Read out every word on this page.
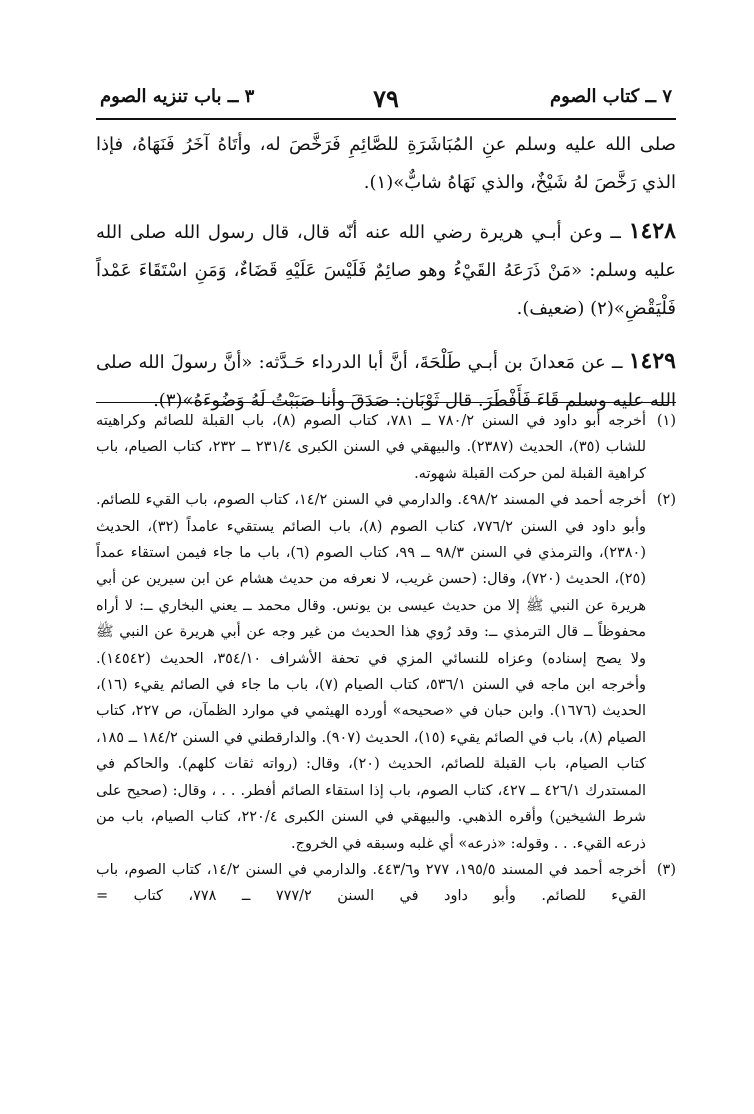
٣ ــ باب تنزيه الصوم	٧٩	٧ ــ كتاب الصوم

صلى الله عليه وسلم عنِ المُبَاشَرَةِ للصَّائِمِ فَرَخَّصَ له، وأتَاهُ آخَرُ فَنَهَاهُ، فإذا الذي رَخَّصَ لهُ شَيْخٌ، والذي نَهَاهُ شابٌّ»(١).

١٤٢٨ ــ وعن أبـي هريرة رضي الله عنه أنّه قال، قال رسول الله صلى الله عليه وسلم: «مَنْ ذَرَعَهُ القَيْءُ وهو صائِمٌ فَلَيْسَ عَلَيْهِ قَضَاءٌ، وَمَنِ اسْتَقَاءَ عَمْداً فَلْيَقْضِ»(٢) (ضعيف).

١٤٢٩ ــ عن مَعدانَ بن أبـي طَلْحَةَ، أنَّ أبا الدرداء حَـدَّثه: «أنَّ رسولَ الله صلى الله عليه وسلم قَاءَ فَأَفْطَرَ. قال ثَوْبَان: صَدَقَ وأنا صَبَبْتُ لَهُ وَضُوءَهُ»(٣).

(١)
أخرجه أبو داود في السنن ٧٨٠/٢ ــ ٧٨١، كتاب الصوم (٨)، باب القبلة للصائم وكراهيته للشاب (٣٥)، الحديث (٢٣٨٧). والبيهقي في السنن الكبرى ٢٣١/٤ ــ ٢٣٢، كتاب الصيام، باب كراهية القبلة لمن حركت القبلة شهوته.

(٢)
أخرجه أحمد في المسند ٤٩٨/٢. والدارمي في السنن ١٤/٢، كتاب الصوم، باب القيء للصائم. وأبو داود في السنن ٧٧٦/٢، كتاب الصوم (٨)، باب الصائم يستقيء عامداً (٣٢)، الحديث (٢٣٨٠)، والترمذي في السنن ٩٨/٣ ــ ٩٩، كتاب الصوم (٦)، باب ما جاء فيمن استقاء عمداً (٢٥)، الحديث (٧٢٠)، وقال: (حسن غريب، لا نعرفه من حديث هشام عن ابن سيرين عن أبي هريرة عن النبي ﷺ إلا من حديث عيسى بن يونس. وقال محمد ــ يعني البخاري ــ: لا أراه محفوظاً ــ قال الترمذي ــ: وقد رُوي هذا الحديث من غير وجه عن أبي هريرة عن النبي ﷺ ولا يصح إسناده) وعزاه للنسائي المزي في تحفة الأشراف ٣٥٤/١٠، الحديث (١٤٥٤٢). وأخرجه ابن ماجه في السنن ٥٣٦/١، كتاب الصيام (٧)، باب ما جاء في الصائم يقيء (١٦)، الحديث (١٦٧٦). وابن حبان في «صحيحه» أورده الهيثمي في موارد الظمآن، ص ٢٢٧، كتاب الصيام (٨)، باب في الصائم يقيء (١٥)، الحديث (٩٠٧). والدارقطني في السنن ١٨٤/٢ ــ ١٨٥، كتاب الصيام، باب القبلة للصائم، الحديث (٢٠)، وقال: (رواته ثقات كلهم). والحاكم في المستدرك ٤٢٦/١ ــ ٤٢٧، كتاب الصوم، باب إذا استقاء الصائم أفطر. . . ، وقال: (صحيح على شرط الشيخين) وأقره الذهبي. والبيهقي في السنن الكبرى ٢٢٠/٤، كتاب الصيام، باب من ذرعه القيء. . . وقوله: «ذرعه» أي غلبه وسبقه في الخروج.

(٣)
أخرجه أحمد في المسند ١٩٥/٥، ٢٧٧ و٤٤٣/٦. والدارمي في السنن ١٤/٢، كتاب الصوم، باب القيء للصائم. وأبو داود في السنن ٧٧٧/٢ ــ ٧٧٨، كتاب =
